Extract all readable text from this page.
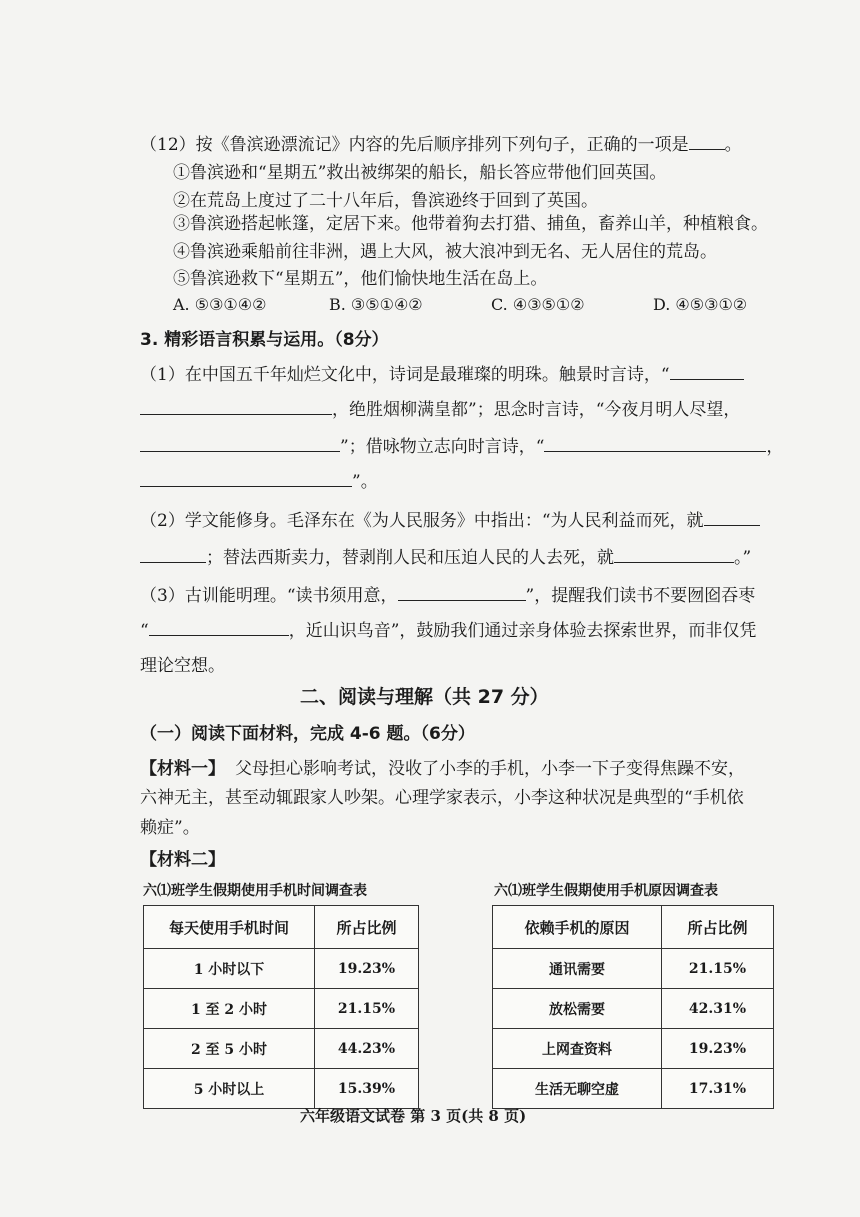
（12）按《鲁滨逊漂流记》内容的先后顺序排列下列句子，正确的一项是 。
①鲁滨逊和“星期五”救出被绑架的船长，船长答应带他们回英国。
②在荒岛上度过了二十八年后，鲁滨逊终于回到了英国。
③鲁滨逊搭起帐篷，定居下来。他带着狗去打猎、捕鱼，畜养山羊，种植粮食。
④鲁滨逊乘船前往非洲，遇上大风，被大浪冲到无名、无人居住的荒岛。
⑤鲁滨逊救下“星期五”，他们愉快地生活在岛上。
A. ⑤③①④②	B. ③⑤①④②	C. ④③⑤①②	D. ④⑤③①②
3. 精彩语言积累与运用。（8分）
（1）在中国五千年灿烂文化中，诗词是最璀璨的明珠。触景时言诗，“
，绝胜烟柳满皇都”；思念时言诗，“今夜月明人尽望，
”；借咏物立志向时言诗，“	，
”。
（2）学文能修身。毛泽东在《为人民服务》中指出：“为人民利益而死，就
；替法西斯卖力，替剥削人民和压迫人民的人去死，就	。”
（3）古训能明理。“读书须用意，	”，提醒我们读书不要囫囵吞枣
“	，近山识鸟音”，鼓励我们通过亲身体验去探索世界，而非仅凭
理论空想。
二、阅读与理解（共 27 分）
（一）阅读下面材料，完成 4-6 题。（6分）
【材料一】 父母担心影响考试，没收了小李的手机，小李一下子变得焦躁不安，
六神无主，甚至动辄跟家人吵架。心理学家表示，小李这种状况是典型的“手机依
赖症”。
【材料二】
六⑴班学生假期使用手机时间调查表
每天使用手机时间	所占比例
1 小时以下	19.23%
1 至 2 小时	21.15%
2 至 5 小时	44.23%
5 小时以上	15.39%
六⑴班学生假期使用手机原因调查表
依赖手机的原因	所占比例
通讯需要	21.15%
放松需要	42.31%
上网查资料	19.23%
生活无聊空虚	17.31%
六年级语文试卷 第 3 页(共 8 页)
